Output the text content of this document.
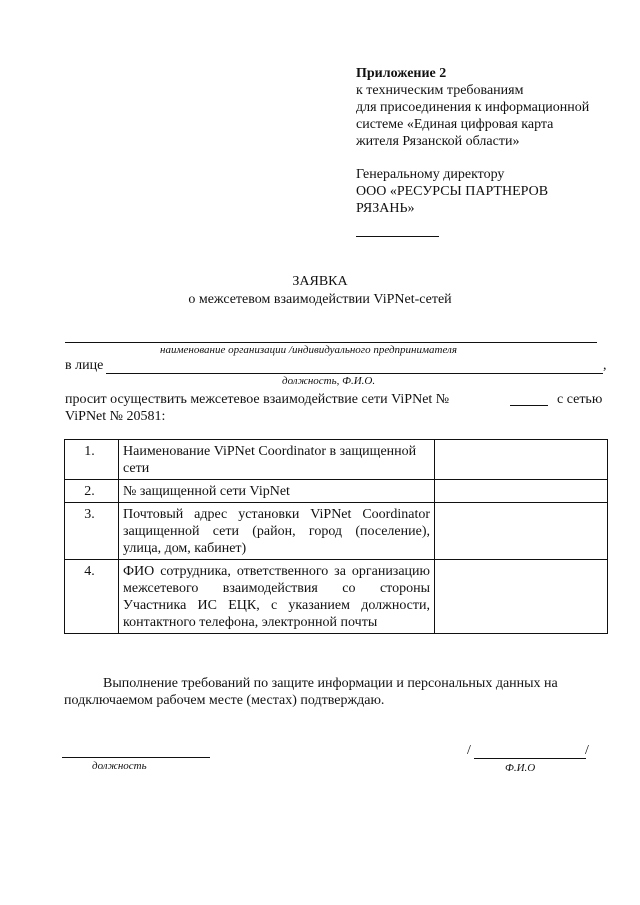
Приложение 2
к техническим требованиям
для присоединения к информационной
системе «Единая цифровая карта
жителя Рязанской области»
Генеральному директору
ООО «РЕСУРСЫ ПАРТНЕРОВ
РЯЗАНЬ»
ЗАЯВКА
о межсетевом взаимодействии ViPNet-сетей
наименование организации /индивидуального предпринимателя
в лице	,
должность, Ф.И.О.
просит осуществить межсетевое взаимодействие сети ViPNet №	с сетью
ViPNet № 20581:
1.	Наименование ViPNet Coordinator в защищенной сети	
2.	№ защищенной сети VipNet	
3.	Почтовый адрес установки ViPNet Coordinator защищенной сети (район, город (поселение), улица, дом, кабинет)	
4.	ФИО сотрудника, ответственного за организацию межсетевого взаимодействия со стороны Участника ИС ЕЦК, с указанием должности, контактного телефона, электронной почты	
Выполнение требований по защите информации и персональных данных на
подключаемом рабочем месте (местах) подтверждаю.
должность
/	/
Ф.И.О
